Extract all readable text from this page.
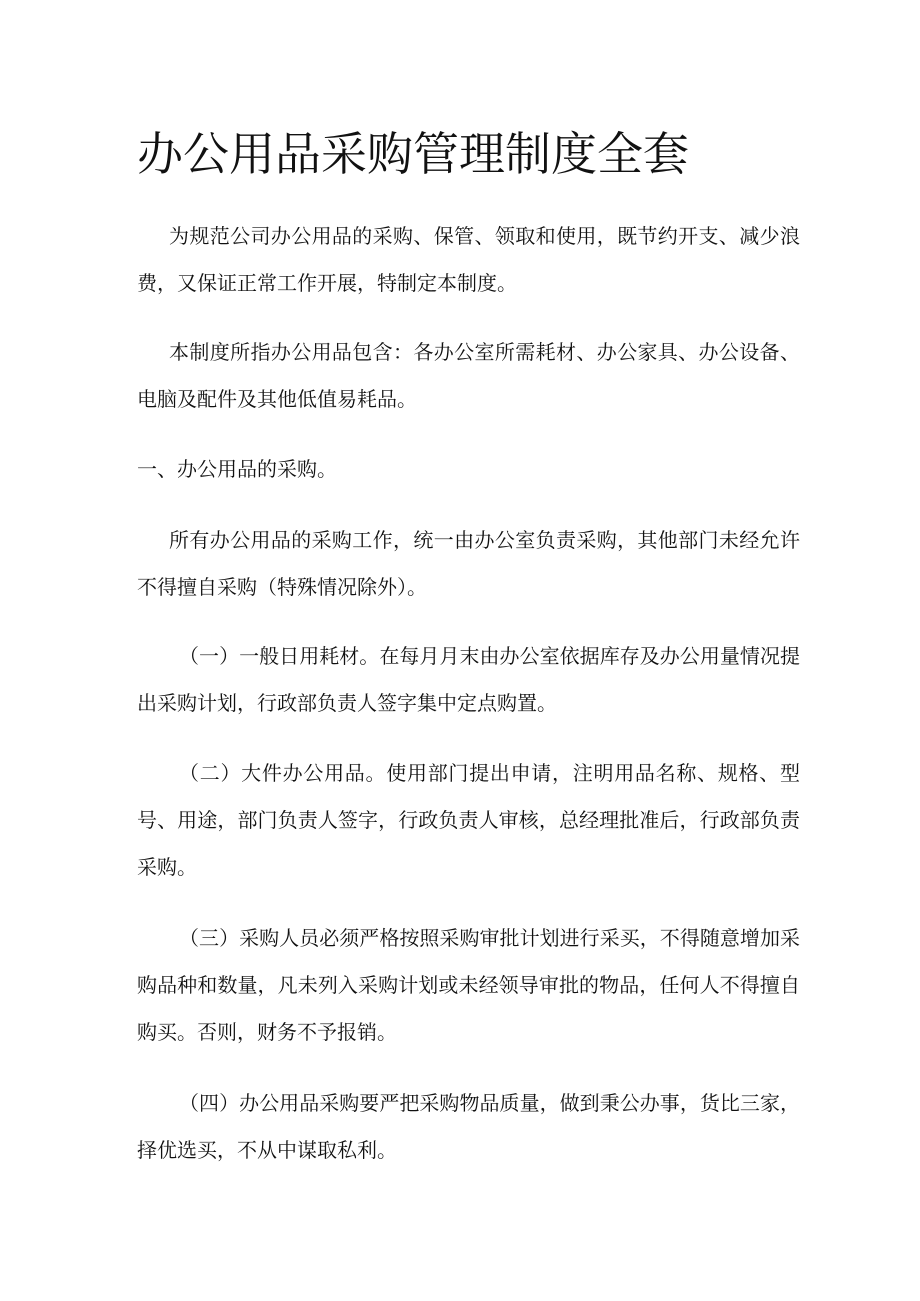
办公用品采购管理制度全套

为规范公司办公用品的采购、保管、领取和使用，既节约开支、减少浪费，又保证正常工作开展，特制定本制度。

本制度所指办公用品包含：各办公室所需耗材、办公家具、办公设备、电脑及配件及其他低值易耗品。

一、办公用品的采购。

所有办公用品的采购工作，统一由办公室负责采购，其他部门未经允许不得擅自采购（特殊情况除外）。

（一）一般日用耗材。在每月月末由办公室依据库存及办公用量情况提出采购计划，行政部负责人签字集中定点购置。

（二）大件办公用品。使用部门提出申请，注明用品名称、规格、型号、用途，部门负责人签字，行政负责人审核，总经理批准后，行政部负责采购。

（三）采购人员必须严格按照采购审批计划进行采买，不得随意增加采购品种和数量，凡未列入采购计划或未经领导审批的物品，任何人不得擅自购买。否则，财务不予报销。

（四）办公用品采购要严把采购物品质量，做到秉公办事，货比三家，择优选买，不从中谋取私利。
